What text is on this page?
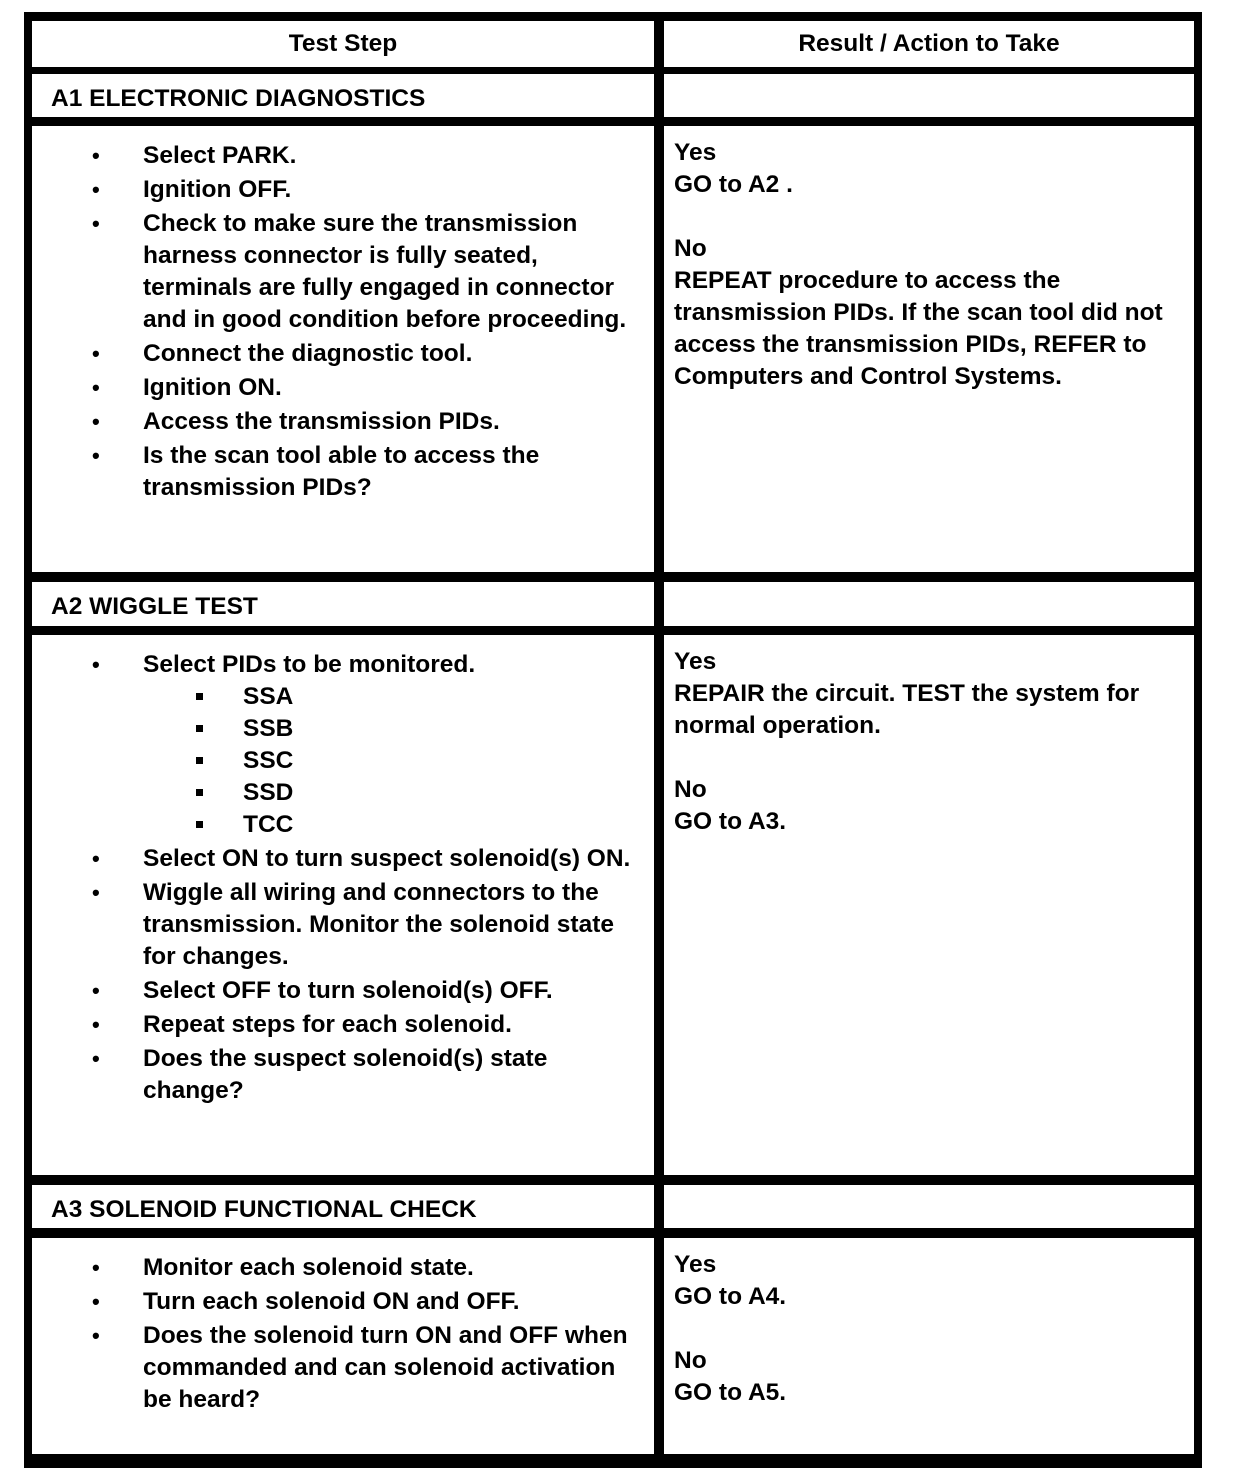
Test Step	Result / Action to Take
A1 ELECTRONIC DIAGNOSTICS
• Select PARK.
• Ignition OFF.
• Check to make sure the transmission harness connector is fully seated, terminals are fully engaged in connector and in good condition before proceeding.
• Connect the diagnostic tool.
• Ignition ON.
• Access the transmission PIDs.
• Is the scan tool able to access the transmission PIDs?

Yes

GO to A2 .

No

REPEAT procedure to access the transmission PIDs. If the scan tool did not access the transmission PIDs, REFER to Computers and Control Systems.

A2 WIGGLE TEST
• Select PIDs to be monitored.
SSA
SSB
SSC
SSD
TCC
• Select ON to turn suspect solenoid(s) ON.
• Wiggle all wiring and connectors to the transmission. Monitor the solenoid state for changes.
• Select OFF to turn solenoid(s) OFF.
• Repeat steps for each solenoid.
• Does the suspect solenoid(s) state change?

Yes

REPAIR the circuit. TEST the system for normal operation.

No

GO to A3.

A3 SOLENOID FUNCTIONAL CHECK
• Monitor each solenoid state.
• Turn each solenoid ON and OFF.
• Does the solenoid turn ON and OFF when commanded and can solenoid activation be heard?

Yes

GO to A4.

No

GO to A5.
